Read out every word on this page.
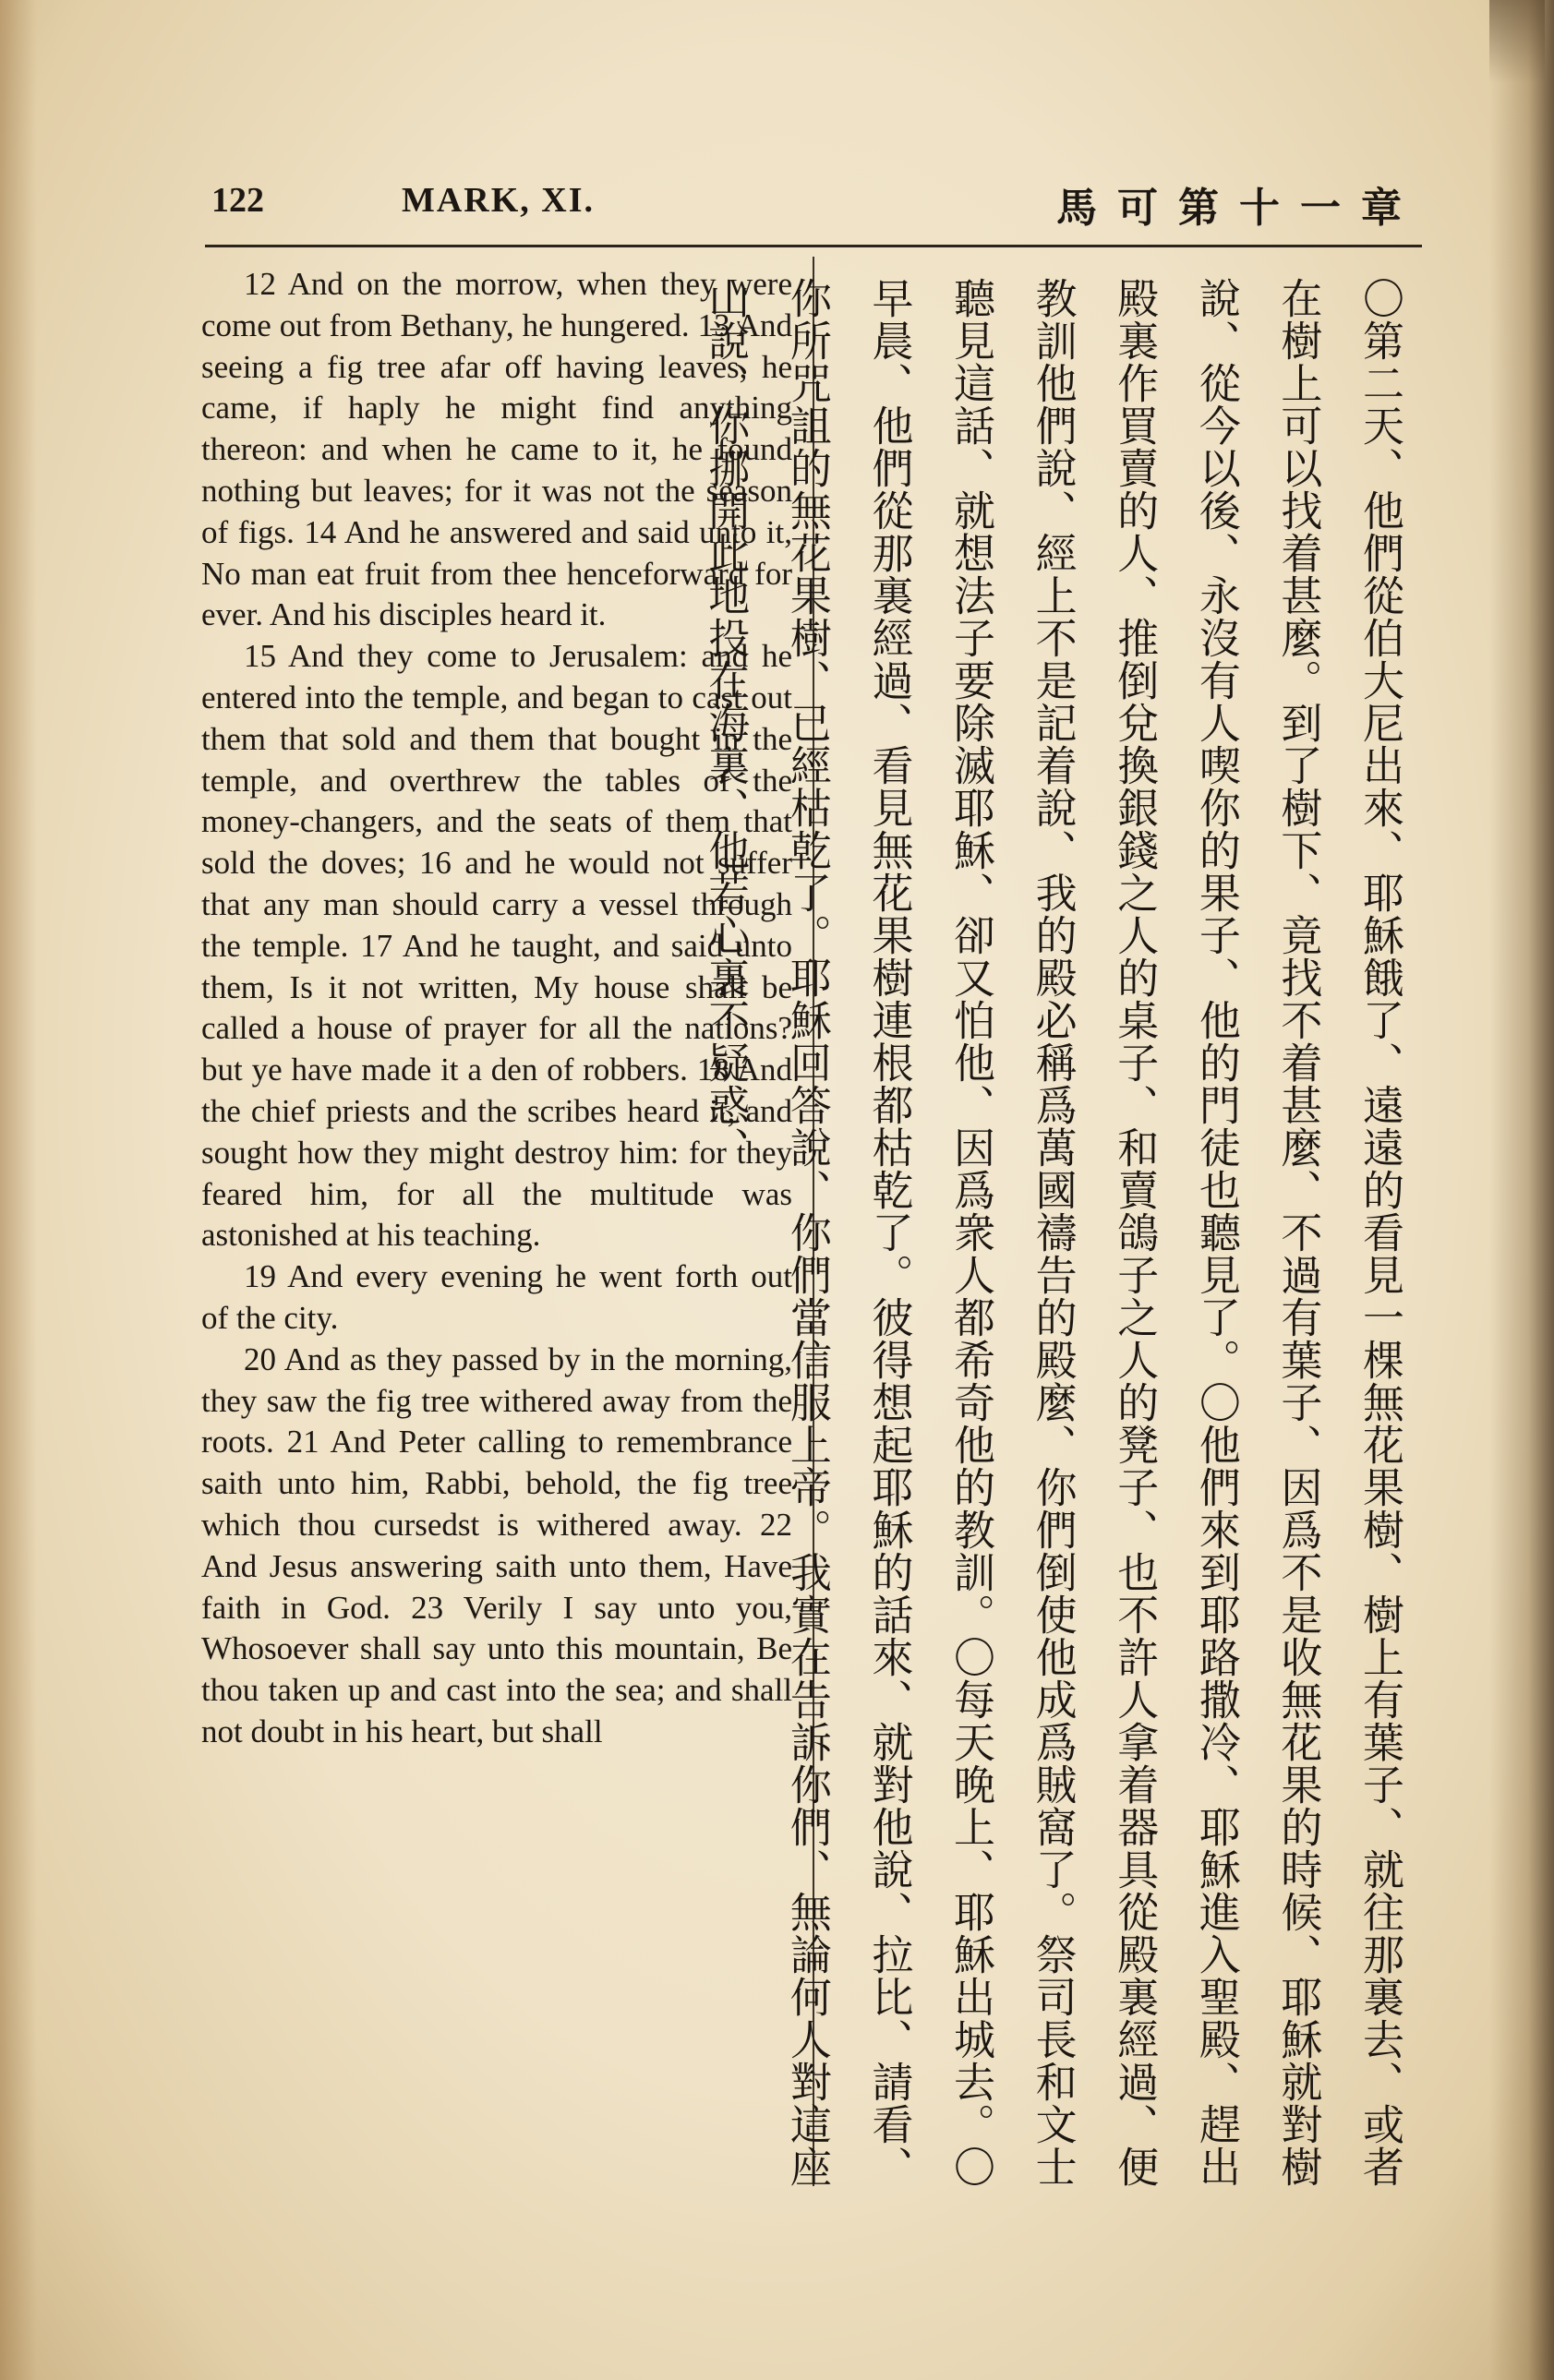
122	MARK, XI.	馬可第十一章

12 And on the morrow, when they were come out from Bethany, he hungered. 13 And seeing a fig tree afar off having leaves, he came, if haply he might find anything thereon: and when he came to it, he found nothing but leaves; for it was not the season of figs. 14 And he answered and said unto it, No man eat fruit from thee henceforward for ever. And his disciples heard it.

15 And they come to Jerusalem: and he entered into the temple, and began to cast out them that sold and them that bought in the temple, and overthrew the tables of the money-changers, and the seats of them that sold the doves; 16 and he would not suffer that any man should carry a vessel through the temple. 17 And he taught, and said unto them, Is it not written, My house shall be called a house of prayer for all the nations? but ye have made it a den of robbers. 18 And the chief priests and the scribes heard it, and sought how they might destroy him: for they feared him, for all the multitude was astonished at his teaching.

19 And every evening he went forth out of the city.

20 And as they passed by in the morning, they saw the fig tree withered away from the roots. 21 And Peter calling to remembrance saith unto him, Rabbi, behold, the fig tree which thou cursedst is withered away. 22 And Jesus answering saith unto them, Have faith in God. 23 Verily I say unto you, Whosoever shall say unto this mountain, Be thou taken up and cast into the sea; and shall not doubt in his heart, but shall	〇第二天、他們從伯大尼出來、耶穌餓了、遠遠的看見一棵無花果樹、樹上有葉子、就往那裏去、或者在樹上可以找着甚麼。到了樹下、竟找不着甚麼、不過有葉子、因爲不是收無花果的時候、耶穌就對樹說、從今以後、永沒有人喫你的果子、他的門徒也聽見了。〇他們來到耶路撒冷、耶穌進入聖殿、趕出殿裏作買賣的人、推倒兌換銀錢之人的桌子、和賣鴿子之人的凳子、也不許人拿着器具從殿裏經過、便教訓他們說、經上不是記着說、我的殿必稱爲萬國禱告的殿麼、你們倒使他成爲賊窩了。祭司長和文士聽見這話、就想法子要除滅耶穌、卻又怕他、因爲衆人都希奇他的教訓。〇每天晚上、耶穌出城去。〇早晨、他們從那裏經過、看見無花果樹連根都枯乾了。彼得想起耶穌的話來、就對他說、拉比、請看、你所咒詛的無花果樹、已經枯乾了。耶穌回答說、你們當信服上帝。我實在告訴你們、無論何人對這座山說、你挪開此地投在海裏、他若心裏不疑惑、
